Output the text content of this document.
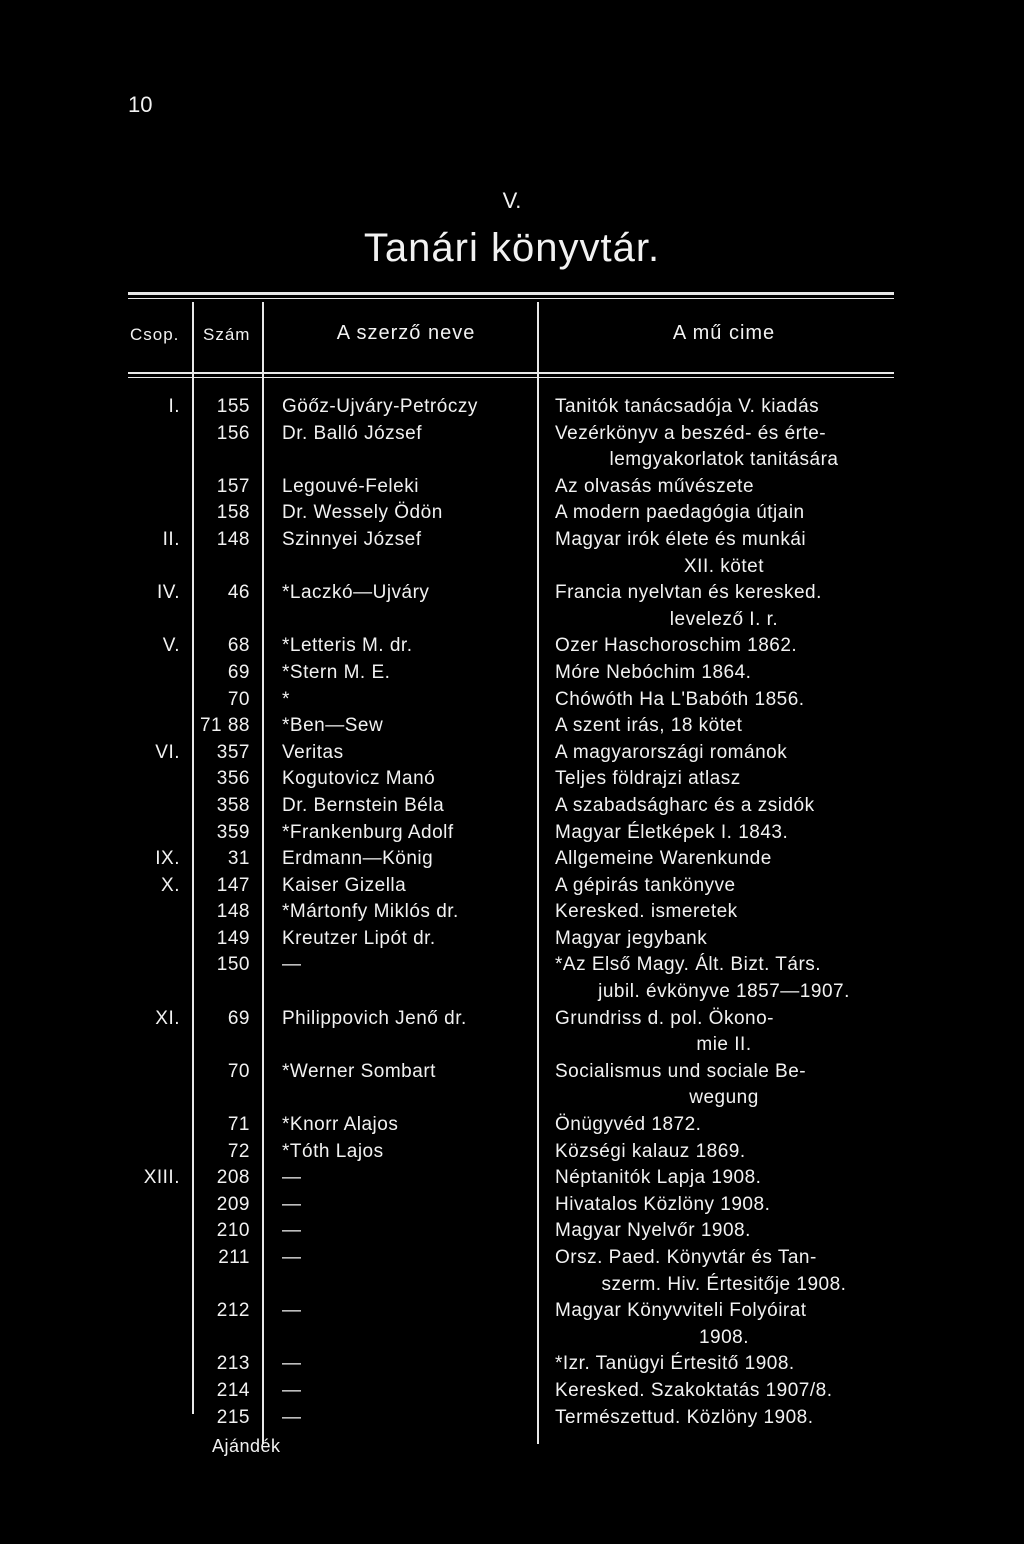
10
V.
Tanári könyvtár.
Csop. Szám	A szerző neve	A mű cime
I.	155 Göőz-Ujváry-Petróczy	Tanitók tanácsadója V. kiadás
156 Dr. Balló József	Vezérkönyv a beszéd- és érte-
lemgyakorlatok tanitására
157 Legouvé-Feleki	Az olvasás művészete
158 Dr. Wessely Ödön	A modern paedagógia útjain
II.	148 Szinnyei József	Magyar irók élete és munkái
XII. kötet
IV.	46 *Laczkó—Ujváry	Francia nyelvtan és keresked.
levelező I. r.
V.	68 *Letteris M. dr.	Ozer Haschoroschim 1862.
69 *Stern M. E.	Móre Nebóchim 1864.
70 *	Chówóth Ha L'Babóth 1856.
71 88 *Ben—Sew	A szent irás, 18 kötet
VI.	357 Veritas	A magyarországi románok
356 Kogutovicz Manó	Teljes földrajzi atlasz
358 Dr. Bernstein Béla	A szabadságharc és a zsidók
359 *Frankenburg Adolf	Magyar Életképek I. 1843.
IX.	31 Erdmann—König	Allgemeine Warenkunde
X.	147 Kaiser Gizella	A gépirás tankönyve
148 *Mártonfy Miklós dr.	Keresked. ismeretek
149 Kreutzer Lipót dr.	Magyar jegybank
150 —	*Az Első Magy. Ált. Bizt. Társ.
jubil. évkönyve 1857—1907.
XI.	69 Philippovich Jenő dr.	Grundriss d. pol. Ökono-
mie II.
70 *Werner Sombart	Socialismus und sociale Be-
wegung
71 *Knorr Alajos	Önügyvéd 1872.
72 *Tóth Lajos	Községi kalauz 1869.
XIII.	208 —	Néptanitók Lapja 1908.
209 —	Hivatalos Közlöny 1908.
210 —	Magyar Nyelvőr 1908.
211 —	Orsz. Paed. Könyvtár és Tan-
szerm. Hiv. Értesitője 1908.
212 —	Magyar Könyvviteli Folyóirat
1908.
213 —	*Izr. Tanügyi Értesitő 1908.
214 —	Keresked. Szakoktatás 1907/8.
215 —	Természettud. Közlöny 1908.
Ajándék
